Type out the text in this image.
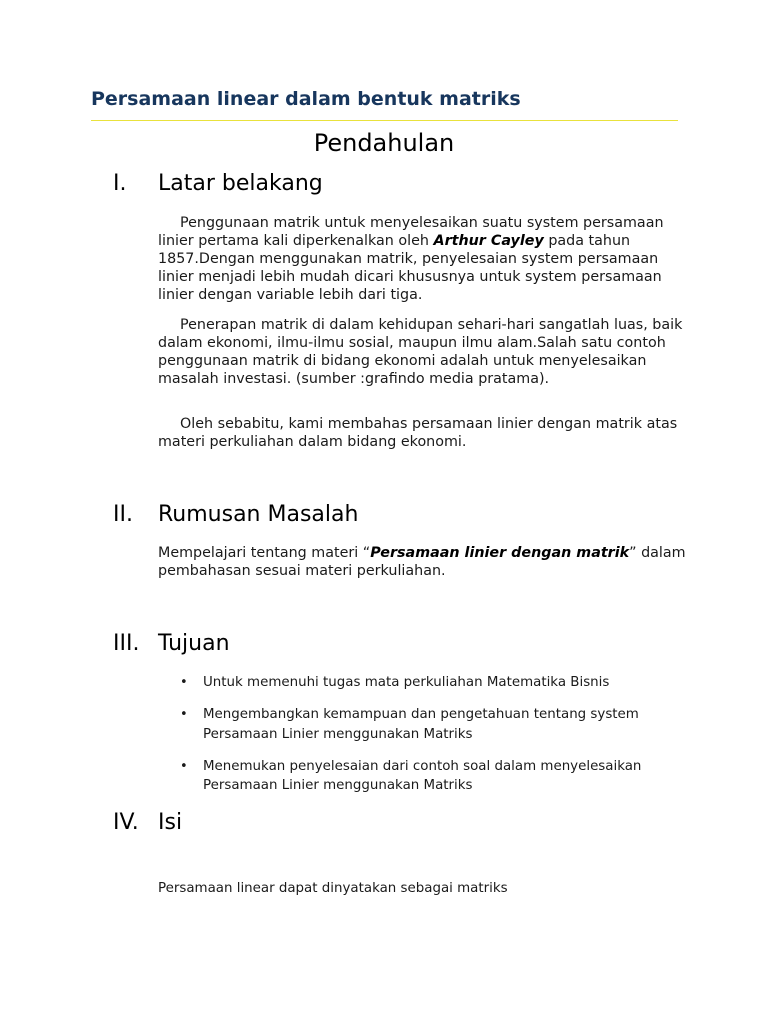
Persamaan linear dalam bentuk matriks
Pendahulan
I. Latar belakang

Penggunaan matrik untuk menyelesaikan suatu system persamaan linier pertama kali diperkenalkan oleh Arthur Cayley pada tahun 1857.Dengan menggunakan matrik, penyelesaian system persamaan linier menjadi lebih mudah dicari khususnya untuk system persamaan linier dengan variable lebih dari tiga.

Penerapan matrik di dalam kehidupan sehari-hari sangatlah luas, baik dalam ekonomi, ilmu-ilmu sosial, maupun ilmu alam.Salah satu contoh penggunaan matrik di bidang ekonomi adalah untuk menyelesaikan masalah investasi. (sumber :grafindo media pratama).

Oleh sebabitu, kami membahas persamaan linier dengan matrik atas materi perkuliahan dalam bidang ekonomi.

II. Rumusan Masalah

Mempelajari tentang materi “Persamaan linier dengan matrik” dalam pembahasan sesuai materi perkuliahan.

III. Tujuan
• Untuk memenuhi tugas mata perkuliahan Matematika Bisnis
• Mengembangkan kemampuan dan pengetahuan tentang system Persamaan Linier menggunakan Matriks
• Menemukan penyelesaian dari contoh soal dalam menyelesaikan Persamaan Linier menggunakan Matriks
IV. Isi

Persamaan linear dapat dinyatakan sebagai matriks
